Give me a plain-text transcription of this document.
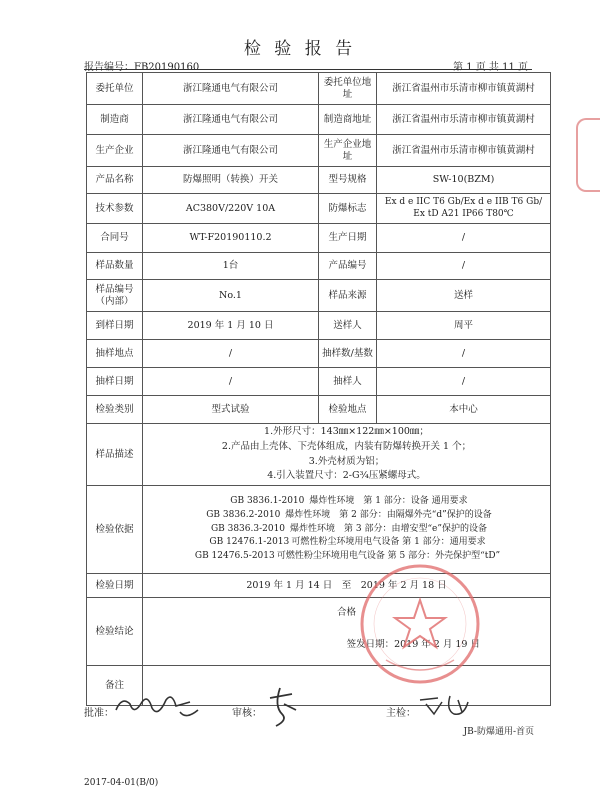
检 验 报 告
报告编号：FB20190160	第 1 页 共 11 页
委托单位	浙江隆通电气有限公司	委托单位地址	浙江省温州市乐清市柳市镇黄湖村
制造商	浙江隆通电气有限公司	制造商地址	浙江省温州市乐清市柳市镇黄湖村
生产企业	浙江隆通电气有限公司	生产企业地址	浙江省温州市乐清市柳市镇黄湖村
产品名称	防爆照明（转换）开关	型号规格	SW-10(BZM)
技术参数	AC380V/220V 10A	防爆标志	Ex d e IIC T6 Gb/Ex d e IIB T6 Gb/
Ex tD A21 IP66 T80℃

合同号	WT-F20190110.2	生产日期	/
样品数量	1台	产品编号	/

样品编号
（内部）	No.1	样品来源	送样
到样日期	2019 年 1 月 10 日	送样人	周平
抽样地点	/	抽样数/基数	/
抽样日期	/	抽样人	/
检验类别	型式试验	检验地点	本中心
样品描述	1.外形尺寸：143㎜×122㎜×100㎜；
2.产品由上壳体、下壳体组成，内装有防爆转换开关 1 个；
3.外壳材质为铝；
4.引入装置尺寸：2-G¾压紧螺母式。		

检验依据	GB 3836.1-2010 爆炸性环境　第 1 部分：设备 通用要求
GB 3836.2-2010 爆炸性环境　第 2 部分：由隔爆外壳“d”保护的设备
GB 3836.3-2010 爆炸性环境　第 3 部分：由增安型“e”保护的设备
GB 12476.1-2013 可燃性粉尘环境用电气设备 第 1 部分：通用要求
GB 12476.5-2013 可燃性粉尘环境用电气设备 第 5 部分：外壳保护型“tD”		

检验日期	2019 年 1 月 14 日　至　2019 年 2 月 18 日		
检验结论	合格
签发日期：2019 年 2 月 19 日		

备注			
批准：	审核：	主检：
JB-防爆通用-首页
2017-04-01(B/0)
